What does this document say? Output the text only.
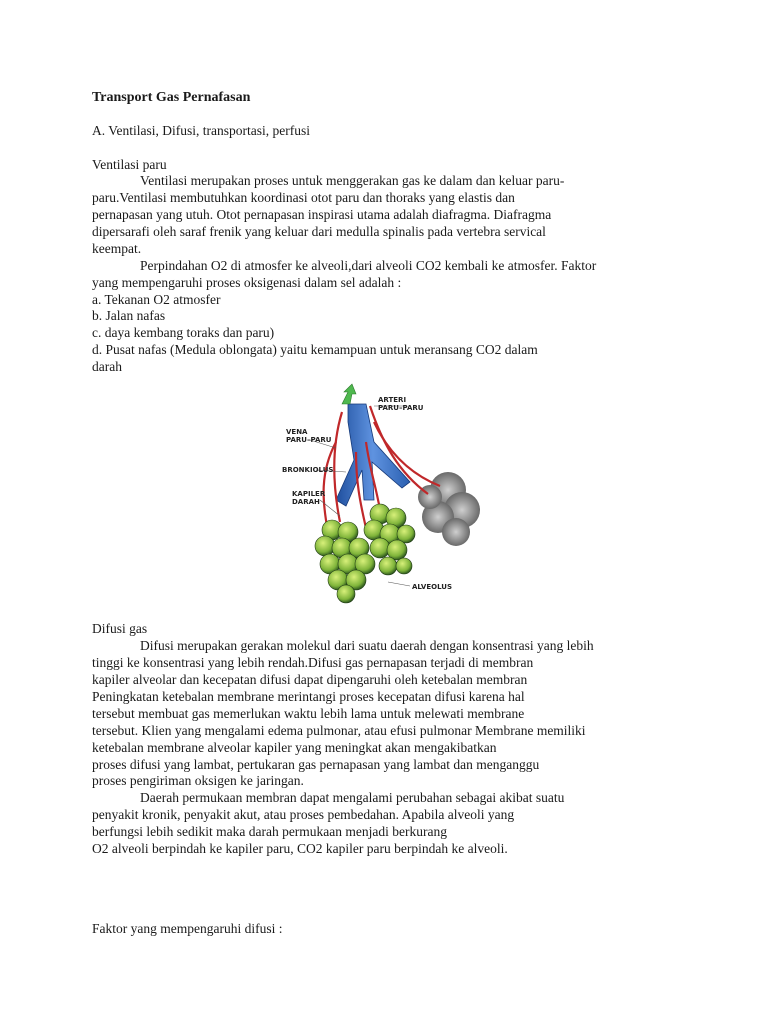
Transport Gas Pernafasan

A. Ventilasi, Difusi, transportasi, perfusi

Ventilasi paru

Ventilasi merupakan proses untuk menggerakan gas ke dalam dan keluar paru-

paru.Ventilasi membutuhkan koordinasi otot paru dan thoraks yang elastis dan

pernapasan yang utuh. Otot pernapasan inspirasi utama adalah diafragma. Diafragma

dipersarafi oleh saraf frenik yang keluar dari medulla spinalis pada vertebra servical

keempat.

Perpindahan O2 di atmosfer ke alveoli,dari alveoli CO2 kembali ke atmosfer. Faktor

yang mempengaruhi proses oksigenasi dalam sel adalah :

a. Tekanan O2 atmosfer

b. Jalan nafas

c. daya kembang toraks dan paru)

d. Pusat nafas (Medula oblongata) yaitu kemampuan untuk meransang CO2 dalam

darah

ARTERI
PARU–PARU
VENA
PARU–PARU
BRONKIOLUS
KAPILER
DARAH
ALVEOLUS

Difusi gas

Difusi merupakan gerakan molekul dari suatu daerah dengan konsentrasi yang lebih

tinggi ke konsentrasi yang lebih rendah.Difusi gas pernapasan terjadi di membran

kapiler alveolar dan kecepatan difusi dapat dipengaruhi oleh ketebalan membran

Peningkatan ketebalan membrane merintangi proses kecepatan difusi karena hal

tersebut membuat gas memerlukan waktu lebih lama untuk melewati membrane

tersebut. Klien yang mengalami edema pulmonar, atau efusi pulmonar Membrane memiliki

ketebalan membrane alveolar kapiler yang meningkat akan mengakibatkan

proses difusi yang lambat, pertukaran gas pernapasan yang lambat dan menganggu

proses pengiriman oksigen ke jaringan.

Daerah permukaan membran dapat mengalami perubahan sebagai akibat suatu

penyakit kronik, penyakit akut, atau proses pembedahan. Apabila alveoli yang

berfungsi lebih sedikit maka darah permukaan menjadi berkurang

O2 alveoli berpindah ke kapiler paru, CO2 kapiler paru berpindah ke alveoli.

Faktor yang mempengaruhi difusi :
